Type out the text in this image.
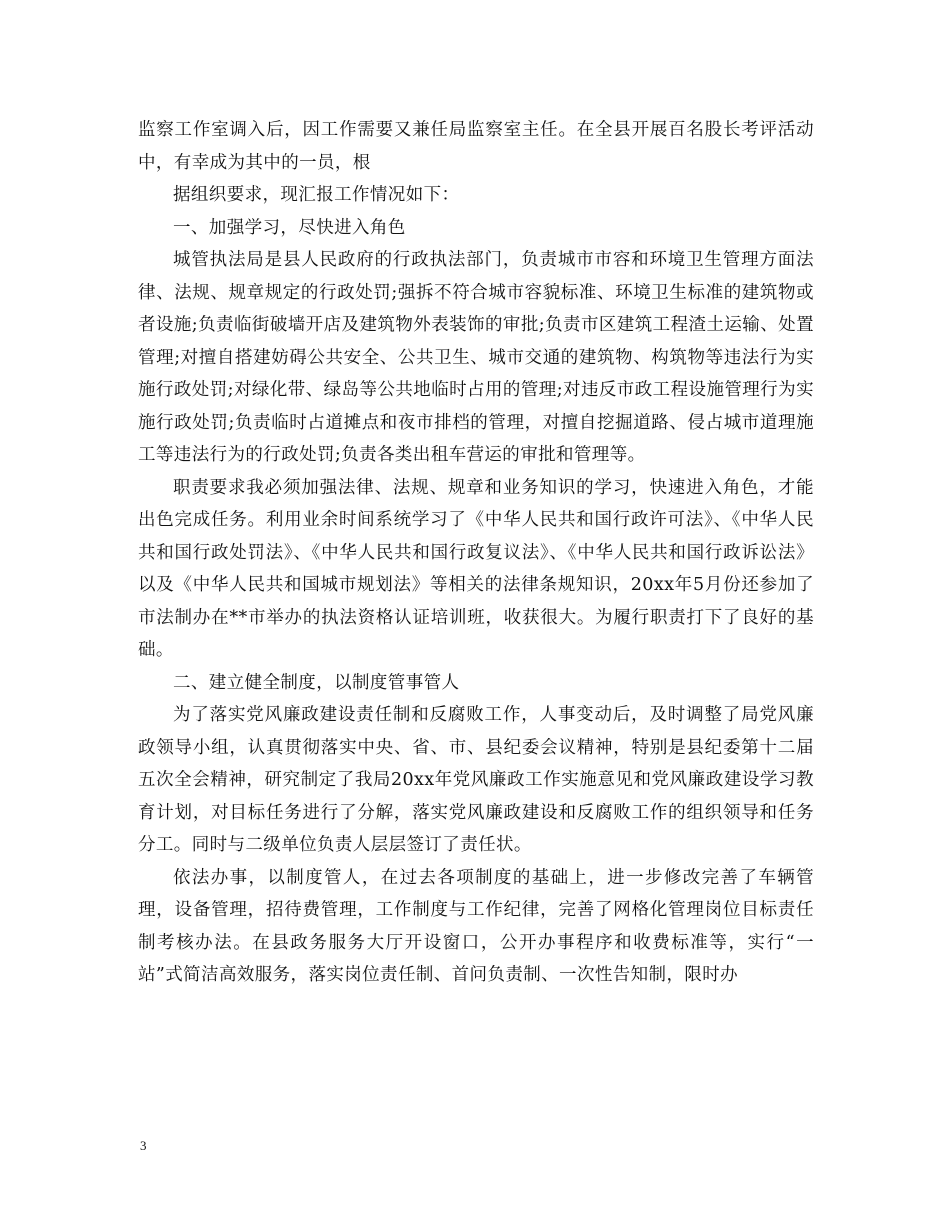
监察工作室调入后，因工作需要又兼任局监察室主任。在全县开展百名股长考评活动中，有幸成为其中的一员，根

据组织要求，现汇报工作情况如下：

一、加强学习，尽快进入角色

城管执法局是县人民政府的行政执法部门，负责城市市容和环境卫生管理方面法律、法规、规章规定的行政处罚;强拆不符合城市容貌标准、环境卫生标准的建筑物或者设施;负责临街破墙开店及建筑物外表装饰的审批;负责市区建筑工程渣土运输、处置管理;对擅自搭建妨碍公共安全、公共卫生、城市交通的建筑物、构筑物等违法行为实施行政处罚;对绿化带、绿岛等公共地临时占用的管理;对违反市政工程设施管理行为实施行政处罚;负责临时占道摊点和夜市排档的管理，对擅自挖掘道路、侵占城市道理施工等违法行为的行政处罚;负责各类出租车营运的审批和管理等。

职责要求我必须加强法律、法规、规章和业务知识的学习，快速进入角色，才能出色完成任务。利用业余时间系统学习了《中华人民共和国行政许可法》、《中华人民共和国行政处罚法》、《中华人民共和国行政复议法》、《中华人民共和国行政诉讼法》以及《中华人民共和国城市规划法》等相关的法律条规知识，20xx年5月份还参加了市法制办在**市举办的执法资格认证培训班，收获很大。为履行职责打下了良好的基础。

二、建立健全制度，以制度管事管人

为了落实党风廉政建设责任制和反腐败工作，人事变动后，及时调整了局党风廉政领导小组，认真贯彻落实中央、省、市、县纪委会议精神，特别是县纪委第十二届五次全会精神，研究制定了我局20xx年党风廉政工作实施意见和党风廉政建设学习教育计划，对目标任务进行了分解，落实党风廉政建设和反腐败工作的组织领导和任务分工。同时与二级单位负责人层层签订了责任状。

依法办事，以制度管人，在过去各项制度的基础上，进一步修改完善了车辆管理，设备管理，招待费管理，工作制度与工作纪律，完善了网格化管理岗位目标责任制考核办法。在县政务服务大厅开设窗口，公开办事程序和收费标准等，实行“一站”式简洁高效服务，落实岗位责任制、首问负责制、一次性告知制，限时办

3
